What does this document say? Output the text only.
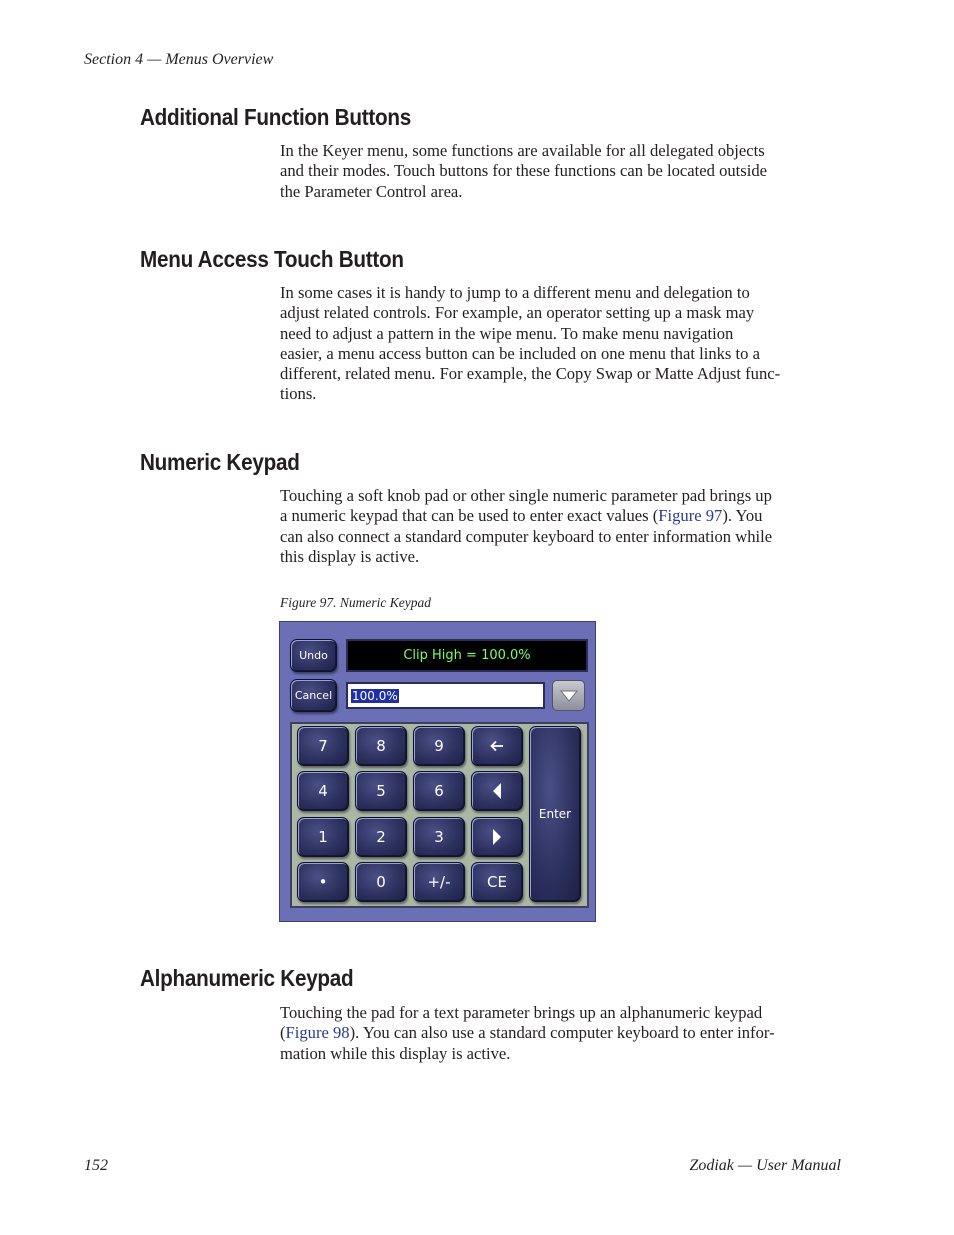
Section 4 — Menus Overview
Additional Function Buttons

In the Keyer menu, some functions are available for all delegated objects
and their modes. Touch buttons for these functions can be located outside
the Parameter Control area.

Menu Access Touch Button

In some cases it is handy to jump to a different menu and delegation to
adjust related controls. For example, an operator setting up a mask may
need to adjust a pattern in the wipe menu. To make menu navigation
easier, a menu access button can be included on one menu that links to a
different, related menu. For example, the Copy Swap or Matte Adjust func-
tions.

Numeric Keypad

Touching a soft knob pad or other single numeric parameter pad brings up
a numeric keypad that can be used to enter exact values (Figure 97). You
can also connect a standard computer keyboard to enter information while
this display is active.

Figure 97. Numeric Keypad
Undo	Clip High = 100.0%
Cancel	100.0%
7	8	9
4	5	6
1	2	3
•	0	+/-	CE
Enter
Alphanumeric Keypad

Touching the pad for a text parameter brings up an alphanumeric keypad
(Figure 98). You can also use a standard computer keyboard to enter infor-
mation while this display is active.

152	Zodiak — User Manual
